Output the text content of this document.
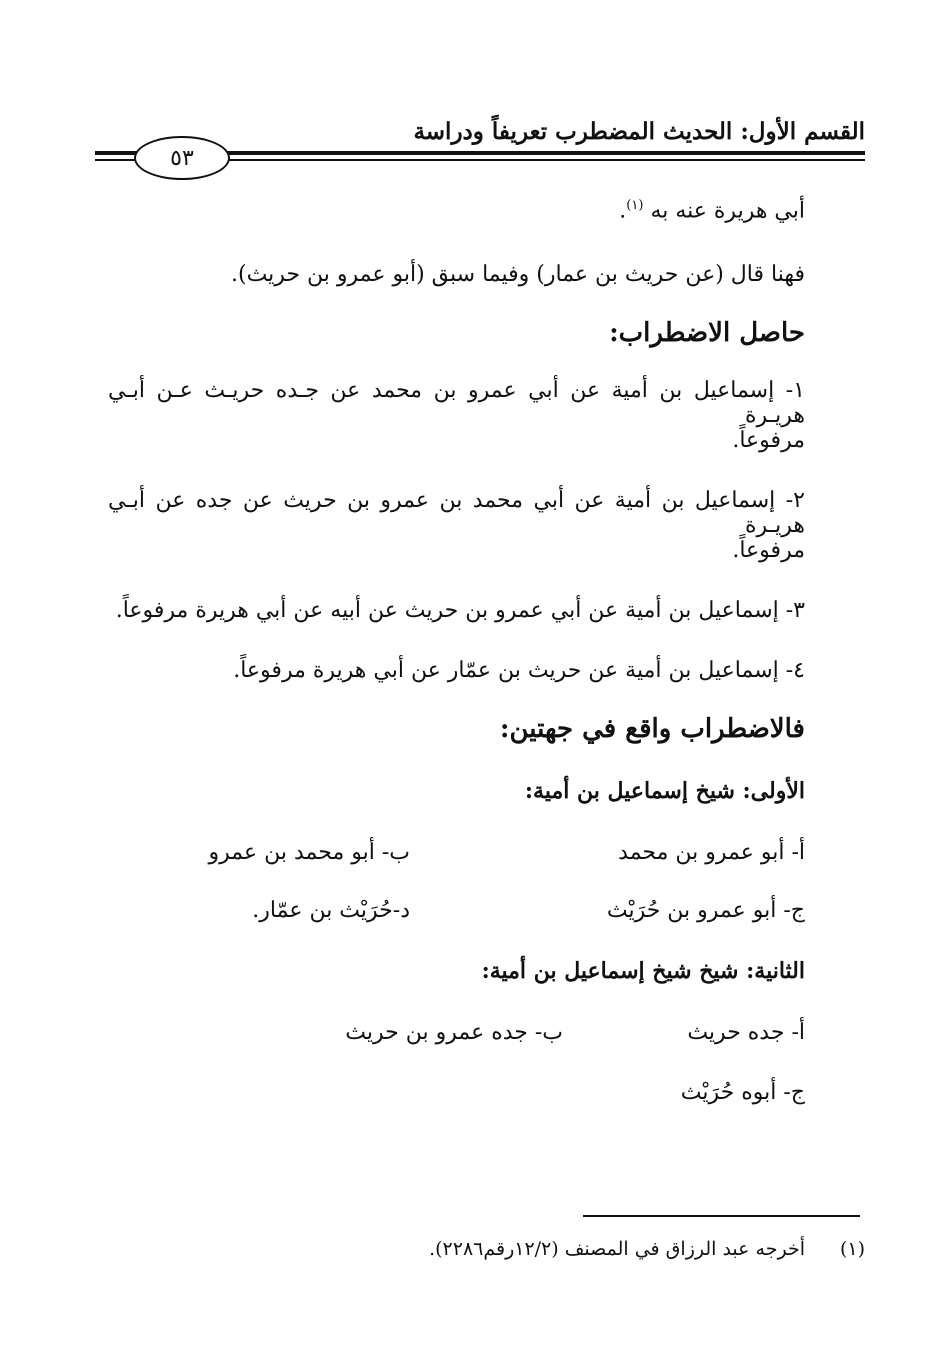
القسم الأول: الحديث المضطرب تعريفاً ودراسة
٥٣
أبي هريرة عنه به $^{(١)}$.
فهنا قال (عن حريث بن عمار) وفيما سبق (أبو عمرو بن حريث).
حاصل الاضطراب:
١- إسماعيل بن أمية عن أبي عمرو بن محمد عن جـده حريـث عـن أبـي هريـرة
مرفوعاً.
٢- إسماعيل بن أمية عن أبي محمد بن عمرو بن حريث عن جده عن أبـي هريـرة
مرفوعاً.
٣- إسماعيل بن أمية عن أبي عمرو بن حريث عن أبيه عن أبي هريرة مرفوعاً.
٤- إسماعيل بن أمية عن حريث بن عمّار عن أبي هريرة مرفوعاً.
فالاضطراب واقع في جهتين:
الأولى: شيخ إسماعيل بن أمية:
أ- أبو عمرو بن محمد
ب- أبو محمد بن عمرو
ج- أبو عمرو بن حُرَيْث
د-حُرَيْث بن عمّار.
الثانية: شيخ شيخ إسماعيل بن أمية:
أ- جده حريث
ب- جده عمرو بن حريث
ج- أبوه حُرَيْث
(١)
أخرجه عبد الرزاق في المصنف (١٢/٢رقم٢٢٨٦).
